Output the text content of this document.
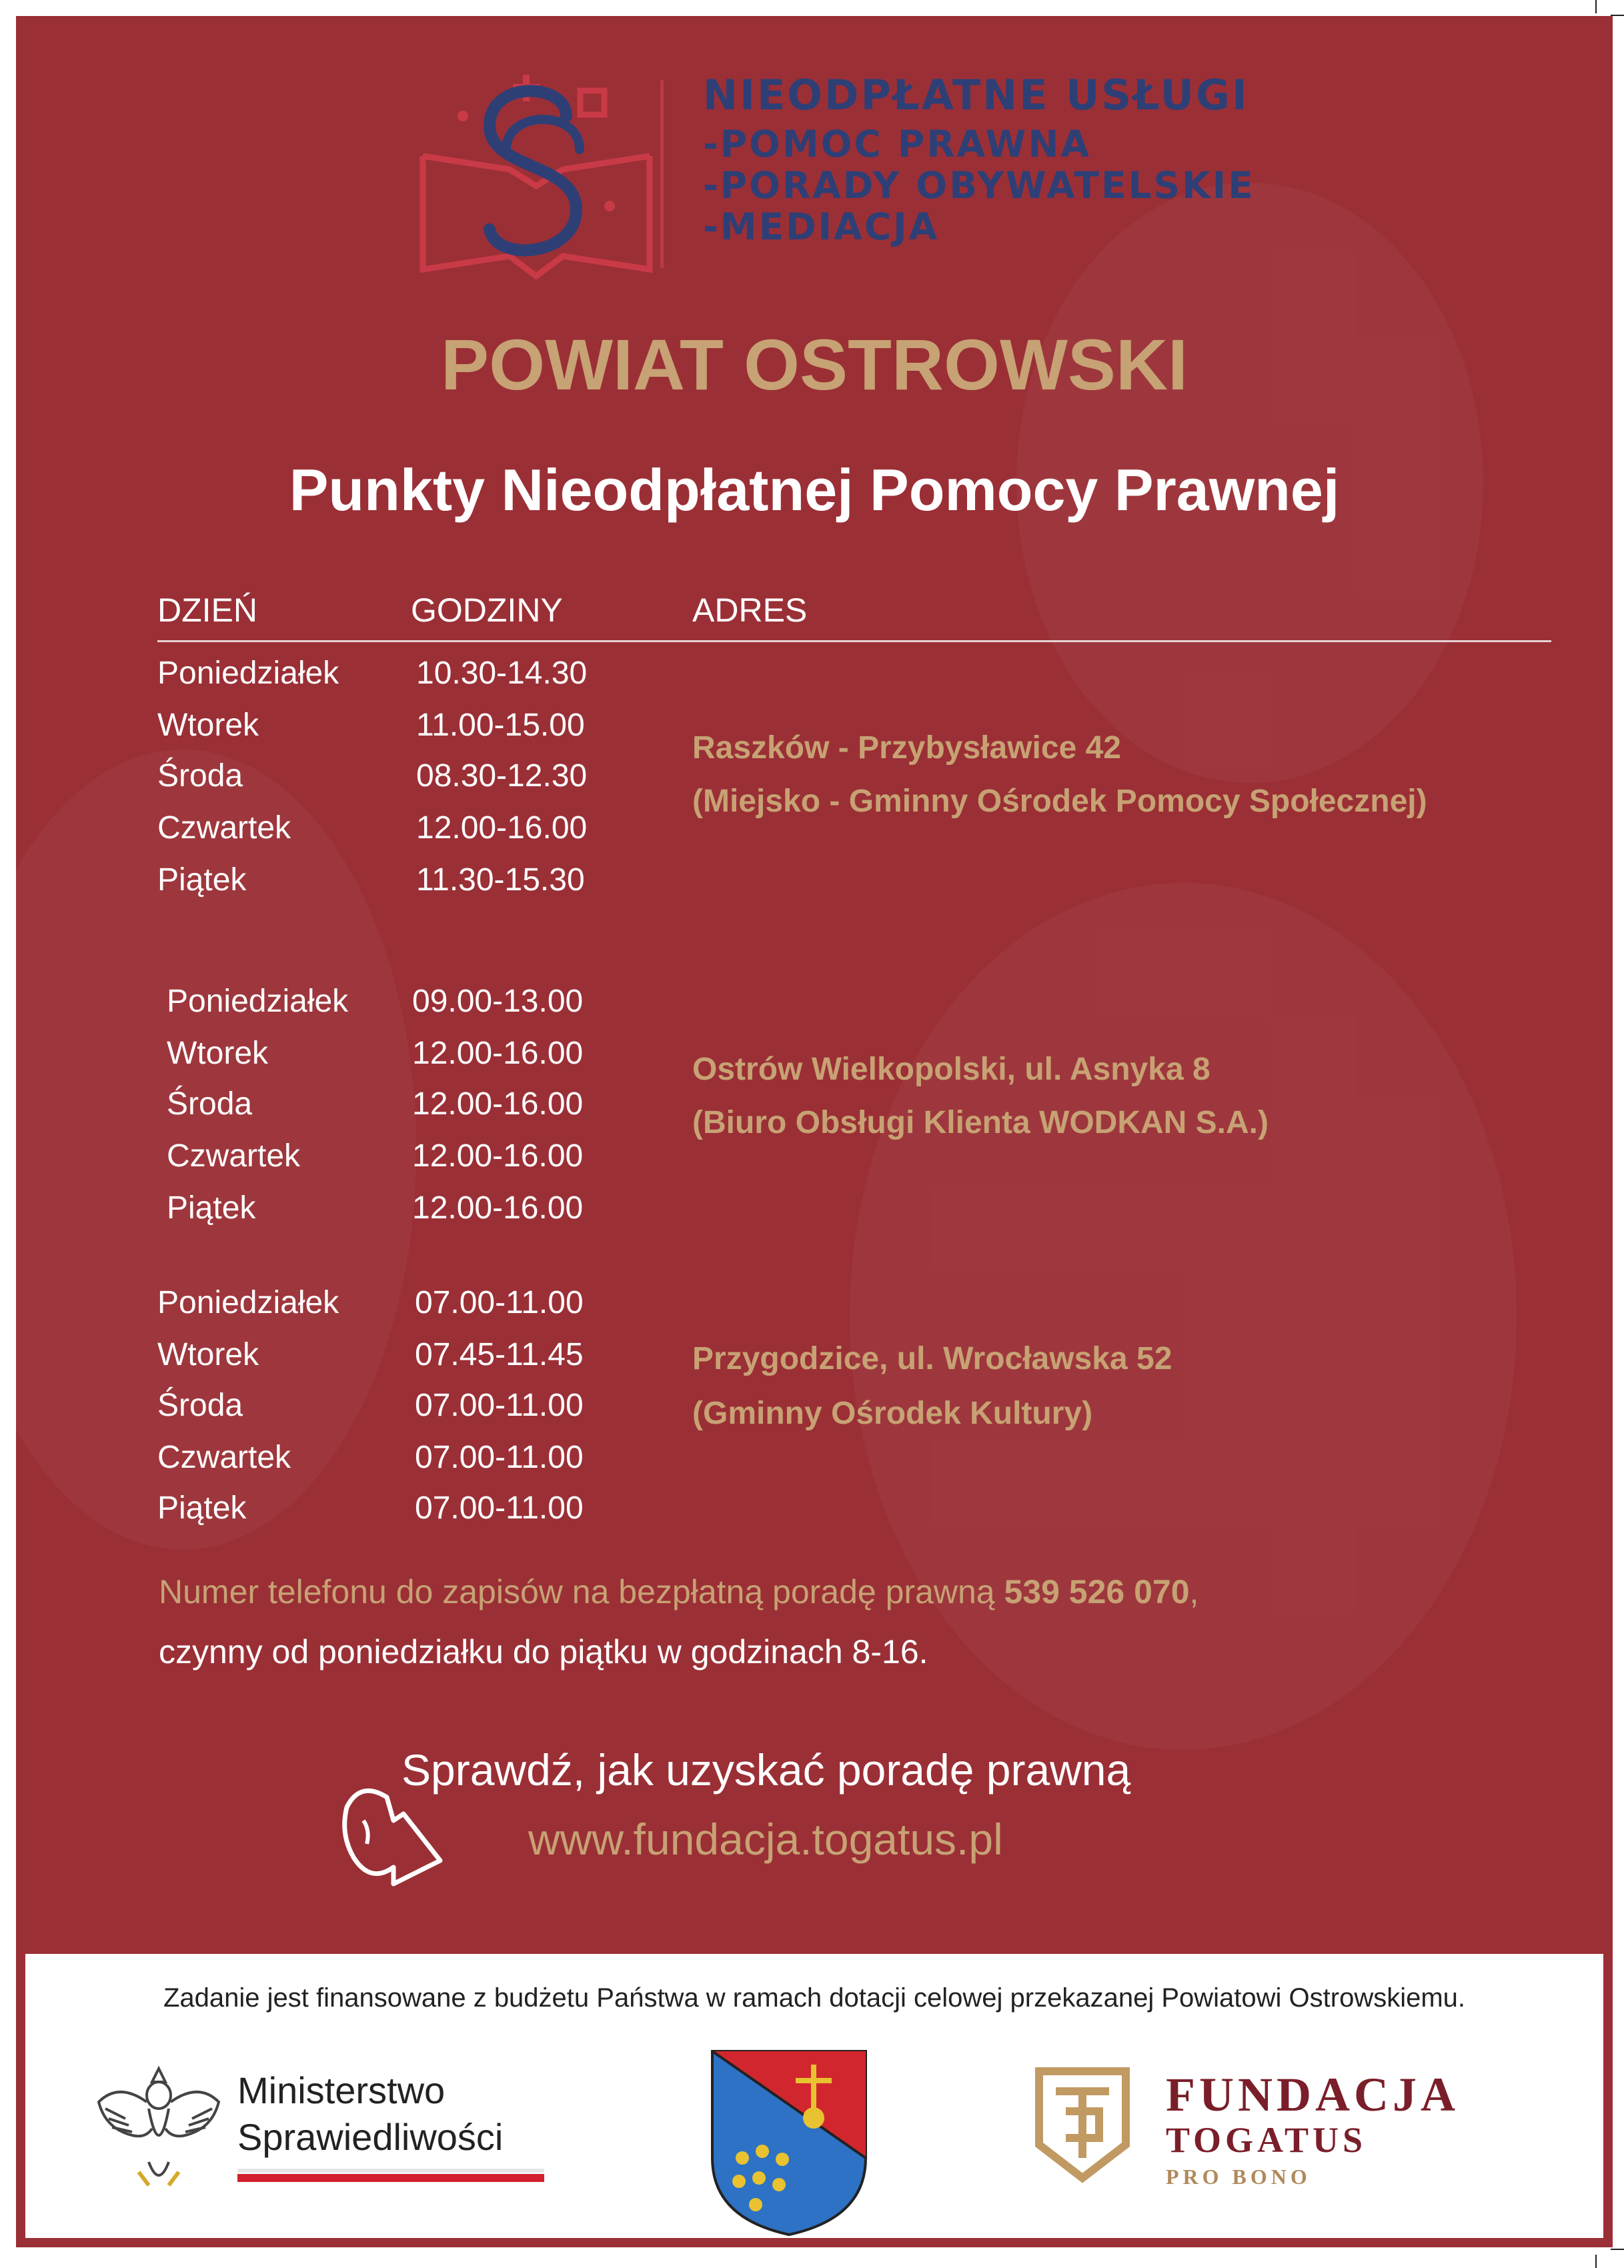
NIEODPŁATNE USŁUGI
-POMOC PRAWNA
-PORADY OBYWATELSKIE
-MEDIACJA
POWIAT OSTROWSKI
Punkty Nieodpłatnej Pomocy Prawnej
DZIEŃ	GODZINY	ADRES
Poniedziałek 10.30-14.30
Wtorek	11.00-15.00
Środa	08.30-12.30
Czwartek	12.00-16.00
Piątek	11.30-15.30
Raszków - Przybysławice 42
(Miejsko - Gminny Ośrodek Pomocy Społecznej)
Poniedziałek 09.00-13.00
Wtorek	12.00-16.00
Środa	12.00-16.00
Czwartek	12.00-16.00
Piątek	12.00-16.00
Ostrów Wielkopolski, ul. Asnyka 8
(Biuro Obsługi Klienta WODKAN S.A.)
Poniedziałek 07.00-11.00
Wtorek	07.45-11.45
Środa	07.00-11.00
Czwartek	07.00-11.00
Piątek	07.00-11.00
Przygodzice, ul. Wrocławska 52
(Gminny Ośrodek Kultury)
Numer telefonu do zapisów na bezpłatną poradę prawną 539 526 070,
czynny od poniedziałku do piątku w godzinach 8-16.
Sprawdź, jak uzyskać poradę prawną
www.fundacja.togatus.pl
Zadanie jest finansowane z budżetu Państwa w ramach dotacji celowej przekazanej Powiatowi Ostrowskiemu.
Ministerstwo
Sprawiedliwości
FUNDACJA
TOGATUS
PRO BONO
